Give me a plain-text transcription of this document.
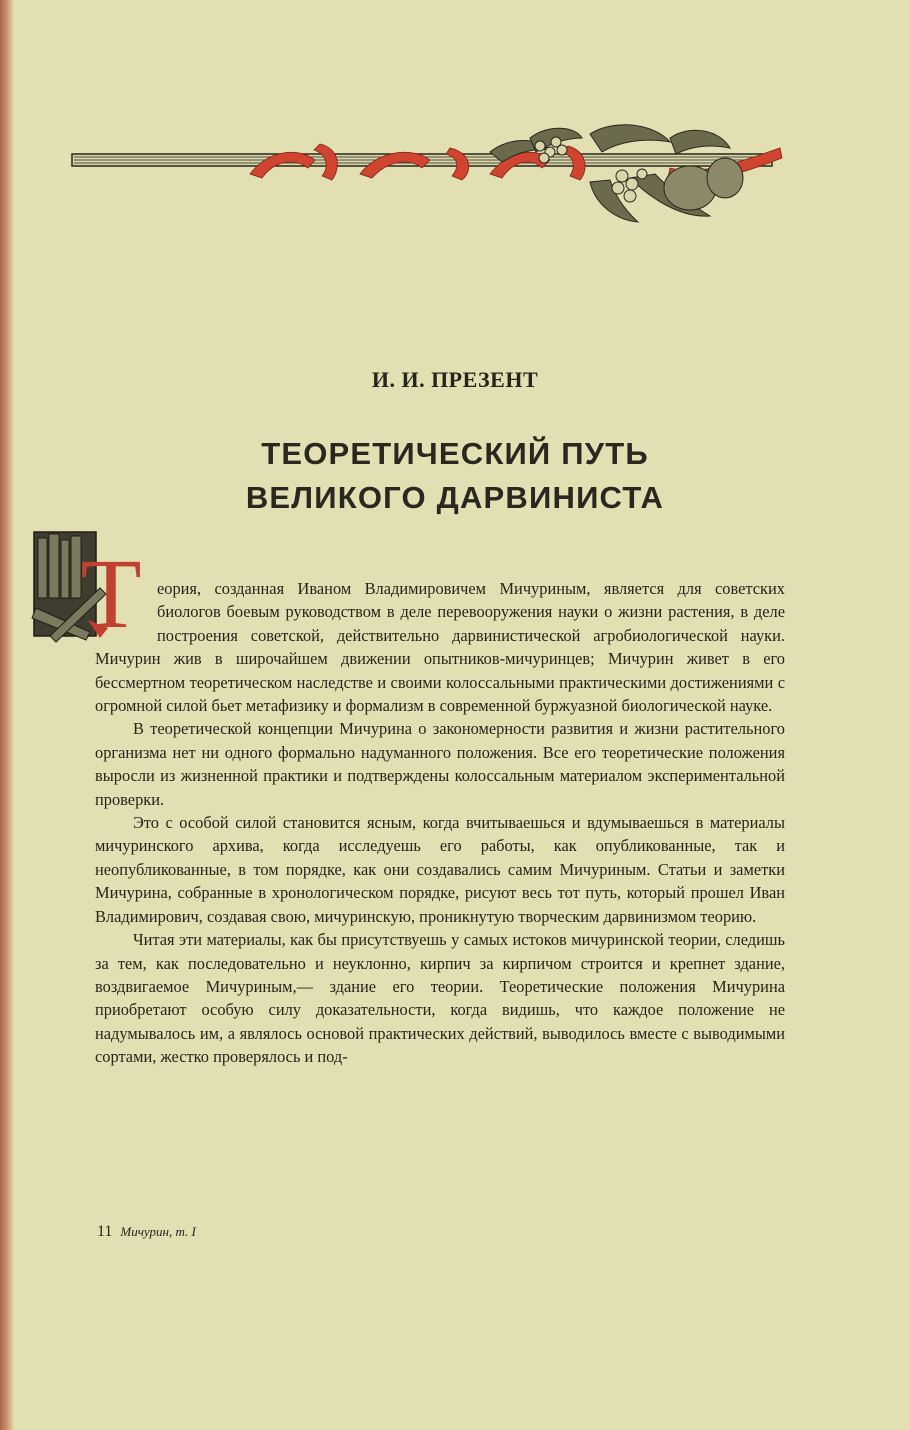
И. И. ПРЕЗЕНТ
ТЕОРЕТИЧЕСКИЙ ПУТЬ
ВЕЛИКОГО ДАРВИНИСТА
Т еория, созданная Иваном Владимировичем Мичуриным, является для советских биологов боевым руководством в деле перевооружения науки о жизни растения, в деле построения советской, действительно дарвинистической агробиологической науки. Мичурин жив в широчайшем движении опытников-мичуринцев; Мичурин живет в его бессмертном теоретическом наследстве и своими колоссальными практическими достижениями с огромной силой бьет метафизику и формализм в современной буржуазной биологической науке.

В теоретической концепции Мичурина о закономерности развития и жизни растительного организма нет ни одного формально надуманного положения. Все его теоретические положения выросли из жизненной практики и подтверждены колоссальным материалом экспериментальной проверки.

Это с особой силой становится ясным, когда вчитываешься и вдумываешься в материалы мичуринского архива, когда исследуешь его работы, как опубликованные, так и неопубликованные, в том порядке, как они создавались самим Мичуриным. Статьи и заметки Мичурина, собранные в хронологическом порядке, рисуют весь тот путь, который прошел Иван Владимирович, создавая свою, мичуринскую, проникнутую творческим дарвинизмом теорию.

Читая эти материалы, как бы присутствуешь у самых истоков мичуринской теории, следишь за тем, как последовательно и неуклонно, кирпич за кирпичом строится и крепнет здание, воздвигаемое Мичуриным,— здание его теории. Теоретические положения Мичурина приобретают особую силу доказательности, когда видишь, что каждое положение не надумывалось им, а являлось основой практических действий, выводилось вместе с выводимыми сортами, жестко проверялось и под-

11 Мичурин, т. I
